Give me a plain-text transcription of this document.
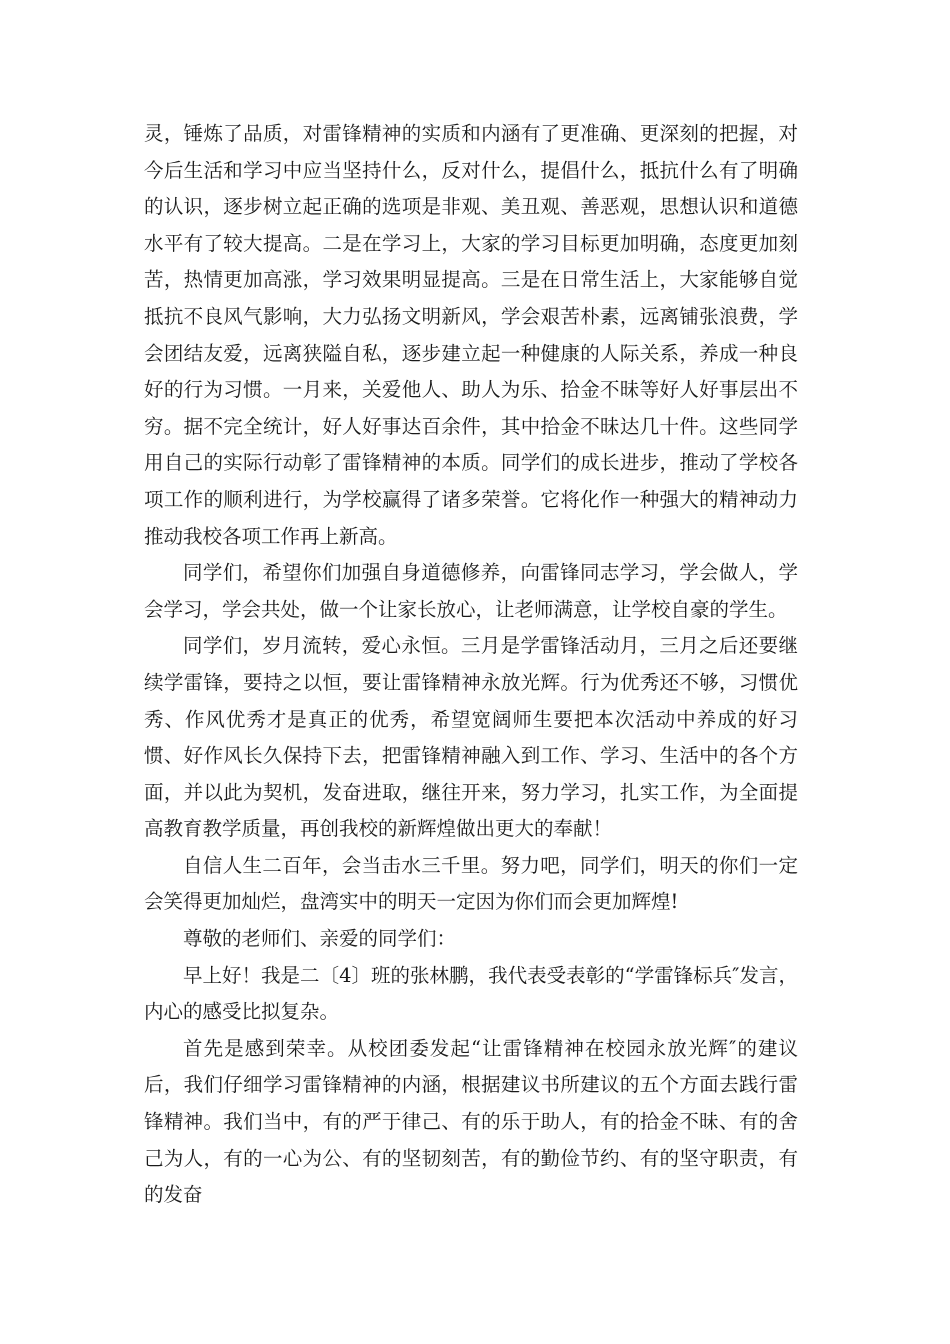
灵，锤炼了品质，对雷锋精神的实质和内涵有了更准确、更深刻的把握，对今后生活和学习中应当坚持什么，反对什么，提倡什么，抵抗什么有了明确的认识，逐步树立起正确的选项是非观、美丑观、善恶观，思想认识和道德水平有了较大提高。二是在学习上，大家的学习目标更加明确，态度更加刻苦，热情更加高涨，学习效果明显提高。三是在日常生活上，大家能够自觉抵抗不良风气影响，大力弘扬文明新风，学会艰苦朴素，远离铺张浪费，学会团结友爱，远离狭隘自私，逐步建立起一种健康的人际关系，养成一种良好的行为习惯。一月来，关爱他人、助人为乐、拾金不昧等好人好事层出不穷。据不完全统计，好人好事达百余件，其中拾金不昧达几十件。这些同学用自己的实际行动彰了雷锋精神的本质。同学们的成长进步，推动了学校各项工作的顺利进行，为学校赢得了诸多荣誉。它将化作一种强大的精神动力推动我校各项工作再上新高。

同学们，希望你们加强自身道德修养，向雷锋同志学习，学会做人，学会学习，学会共处，做一个让家长放心，让老师满意，让学校自豪的学生。

同学们，岁月流转，爱心永恒。三月是学雷锋活动月，三月之后还要继续学雷锋，要持之以恒，要让雷锋精神永放光辉。行为优秀还不够，习惯优秀、作风优秀才是真正的优秀，希望宽阔师生要把本次活动中养成的好习惯、好作风长久保持下去，把雷锋精神融入到工作、学习、生活中的各个方面，并以此为契机，发奋进取，继往开来，努力学习，扎实工作，为全面提高教育教学质量，再创我校的新辉煌做出更大的奉献！

自信人生二百年，会当击水三千里。努力吧，同学们，明天的你们一定会笑得更加灿烂，盘湾实中的明天一定因为你们而会更加辉煌!

尊敬的老师们、亲爱的同学们：

早上好！我是二〔4〕班的张林鹏，我代表受表彰的“学雷锋标兵″发言，内心的感受比拟复杂。

首先是感到荣幸。从校团委发起“让雷锋精神在校园永放光辉″的建议后，我们仔细学习雷锋精神的内涵，根据建议书所建议的五个方面去践行雷锋精神。我们当中，有的严于律己、有的乐于助人，有的拾金不昧、有的舍己为人，有的一心为公、有的坚韧刻苦，有的勤俭节约、有的坚守职责，有的发奋
